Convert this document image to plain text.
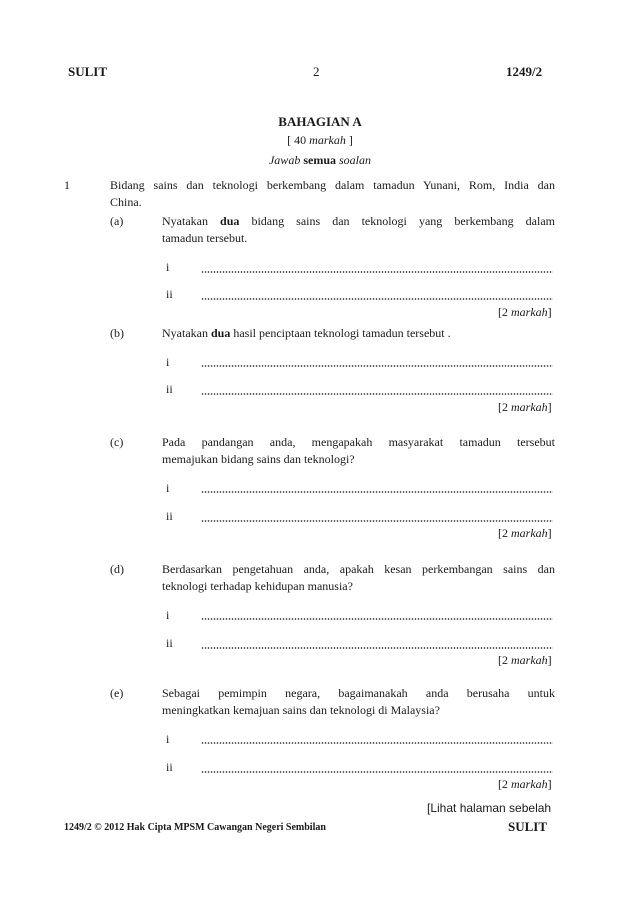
SULIT	2	1249/2
BAHAGIAN A
[ 40 markah ]
Jawab semua soalan
1	Bidang sains dan teknologi berkembang dalam tamadun Yunani, Rom, India dan
China.
(a)	Nyatakan dua bidang sains dan teknologi yang berkembang dalam
tamadun tersebut.
i
ii
[2 markah]
(b)	Nyatakan dua hasil penciptaan teknologi tamadun tersebut .
i
ii
[2 markah]
(c)	Pada pandangan anda, mengapakah masyarakat tamadun tersebut
memajukan bidang sains dan teknologi?
i
ii
[2 markah]
(d)	Berdasarkan pengetahuan anda, apakah kesan perkembangan sains dan
teknologi terhadap kehidupan manusia?
i
ii
[2 markah]
(e)	Sebagai pemimpin negara, bagaimanakah anda berusaha untuk
meningkatkan kemajuan sains dan teknologi di Malaysia?
i
ii
[2 markah]
[Lihat halaman sebelah
1249/2 © 2012 Hak Cipta MPSM Cawangan Negeri Sembilan	SULIT
